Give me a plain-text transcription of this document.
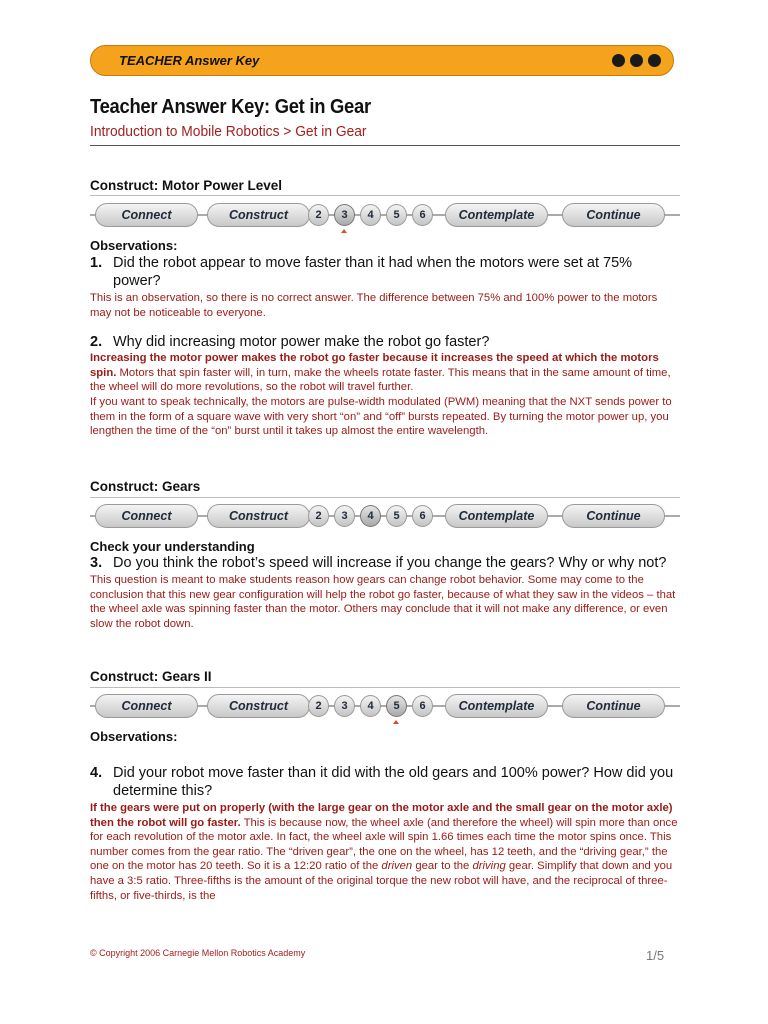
TEACHER Answer Key
Teacher Answer Key: Get in Gear
Introduction to Mobile Robotics > Get in Gear
Construct: Motor Power Level
Connect	Construct	2	3	4	5	6	Contemplate	Continue
Observations:
1. Did the robot appear to move faster than it had when the motors were set at 75% power?
This is an observation, so there is no correct answer. The difference between 75% and 100% power to the motors may not be noticeable to everyone.
2. Why did increasing motor power make the robot go faster?
Increasing the motor power makes the robot go faster because it increases the speed at which the motors spin. Motors that spin faster will, in turn, make the wheels rotate faster. This means that in the same amount of time, the wheel will do more revolutions, so the robot will travel further.
If you want to speak technically, the motors are pulse-width modulated (PWM) meaning that the NXT sends power to them in the form of a square wave with very short “on” and “off” bursts repeated. By turning the motor power up, you lengthen the time of the “on” burst until it takes up almost the entire wavelength.
Construct: Gears
Connect	Construct	2	3	4	5	6	Contemplate	Continue
Check your understanding
3. Do you think the robot’s speed will increase if you change the gears? Why or why not?
This question is meant to make students reason how gears can change robot behavior. Some may come to the conclusion that this new gear configuration will help the robot go faster, because of what they saw in the videos – that the wheel axle was spinning faster than the motor. Others may conclude that it will not make any difference, or even slow the robot down.
Construct: Gears II
Connect	Construct	2	3	4	5	6	Contemplate	Continue
Observations:
4. Did your robot move faster than it did with the old gears and 100% power? How did you determine this?
If the gears were put on properly (with the large gear on the motor axle and the small gear on the motor axle) then the robot will go faster. This is because now, the wheel axle (and therefore the wheel) will spin more than once for each revolution of the motor axle. In fact, the wheel axle will spin 1.66 times each time the motor spins once. This number comes from the gear ratio. The “driven gear”, the one on the wheel, has 12 teeth, and the “driving gear,” the one on the motor has 20 teeth. So it is a 12:20 ratio of the driven gear to the driving gear. Simplify that down and you have a 3:5 ratio. Three-fifths is the amount of the original torque the new robot will have, and the reciprocal of three-fifths, or five-thirds, is the
© Copyright 2006 Carnegie Mellon Robotics Academy	1/5
